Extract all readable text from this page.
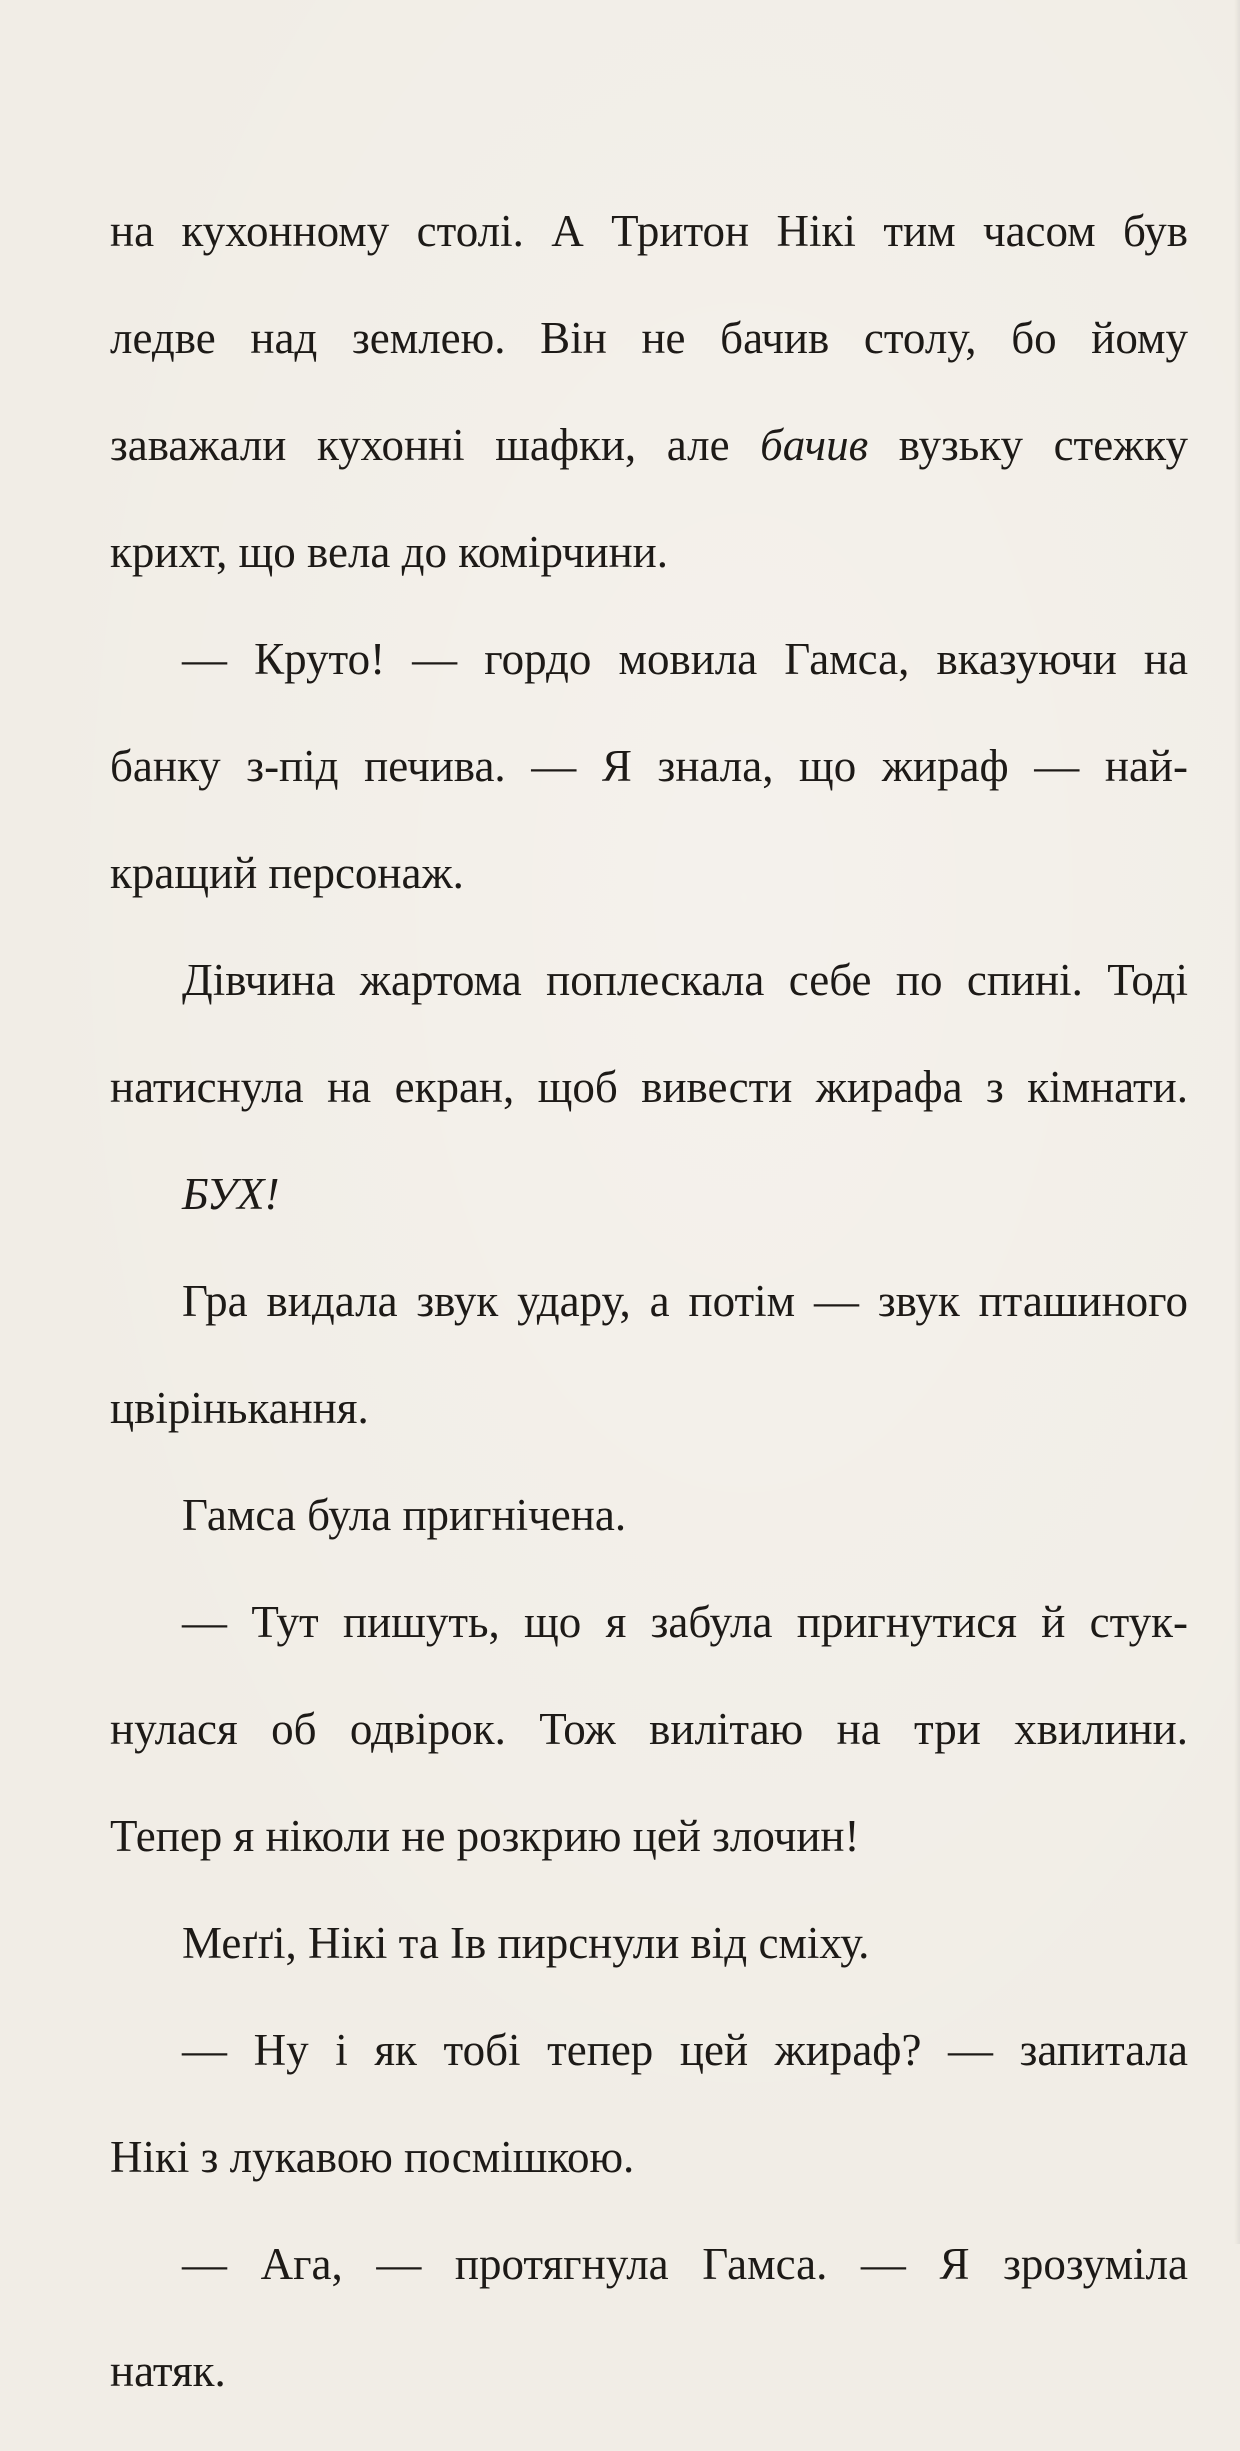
на кухонному столі. А Тритон Нікі тим часом був
ледве над землею. Він не бачив столу, бо йому
заважали кухонні шафки, але бачив вузьку стежку
крихт, що вела до комірчини.
— Круто! — гордо мовила Гамса, вказуючи на
банку з-під печива. — Я знала, що жираф — най-
кращий персонаж.
Дівчина жартома поплескала себе по спині. Тоді
натиснула на екран, щоб вивести жирафа з кімнати.
БУХ!
Гра видала звук удару, а потім — звук пташиного
цвірінькання.
Гамса була пригнічена.
— Тут пишуть, що я забула пригнутися й стук-
нулася об одвірок. Тож вилітаю на три хвилини.
Тепер я ніколи не розкрию цей злочин!
Меґґі, Нікі та Ів пирснули від сміху.
— Ну і як тобі тепер цей жираф? — запитала
Нікі з лукавою посмішкою.
— Ага, — протягнула Гамса. — Я зрозуміла
натяк.
